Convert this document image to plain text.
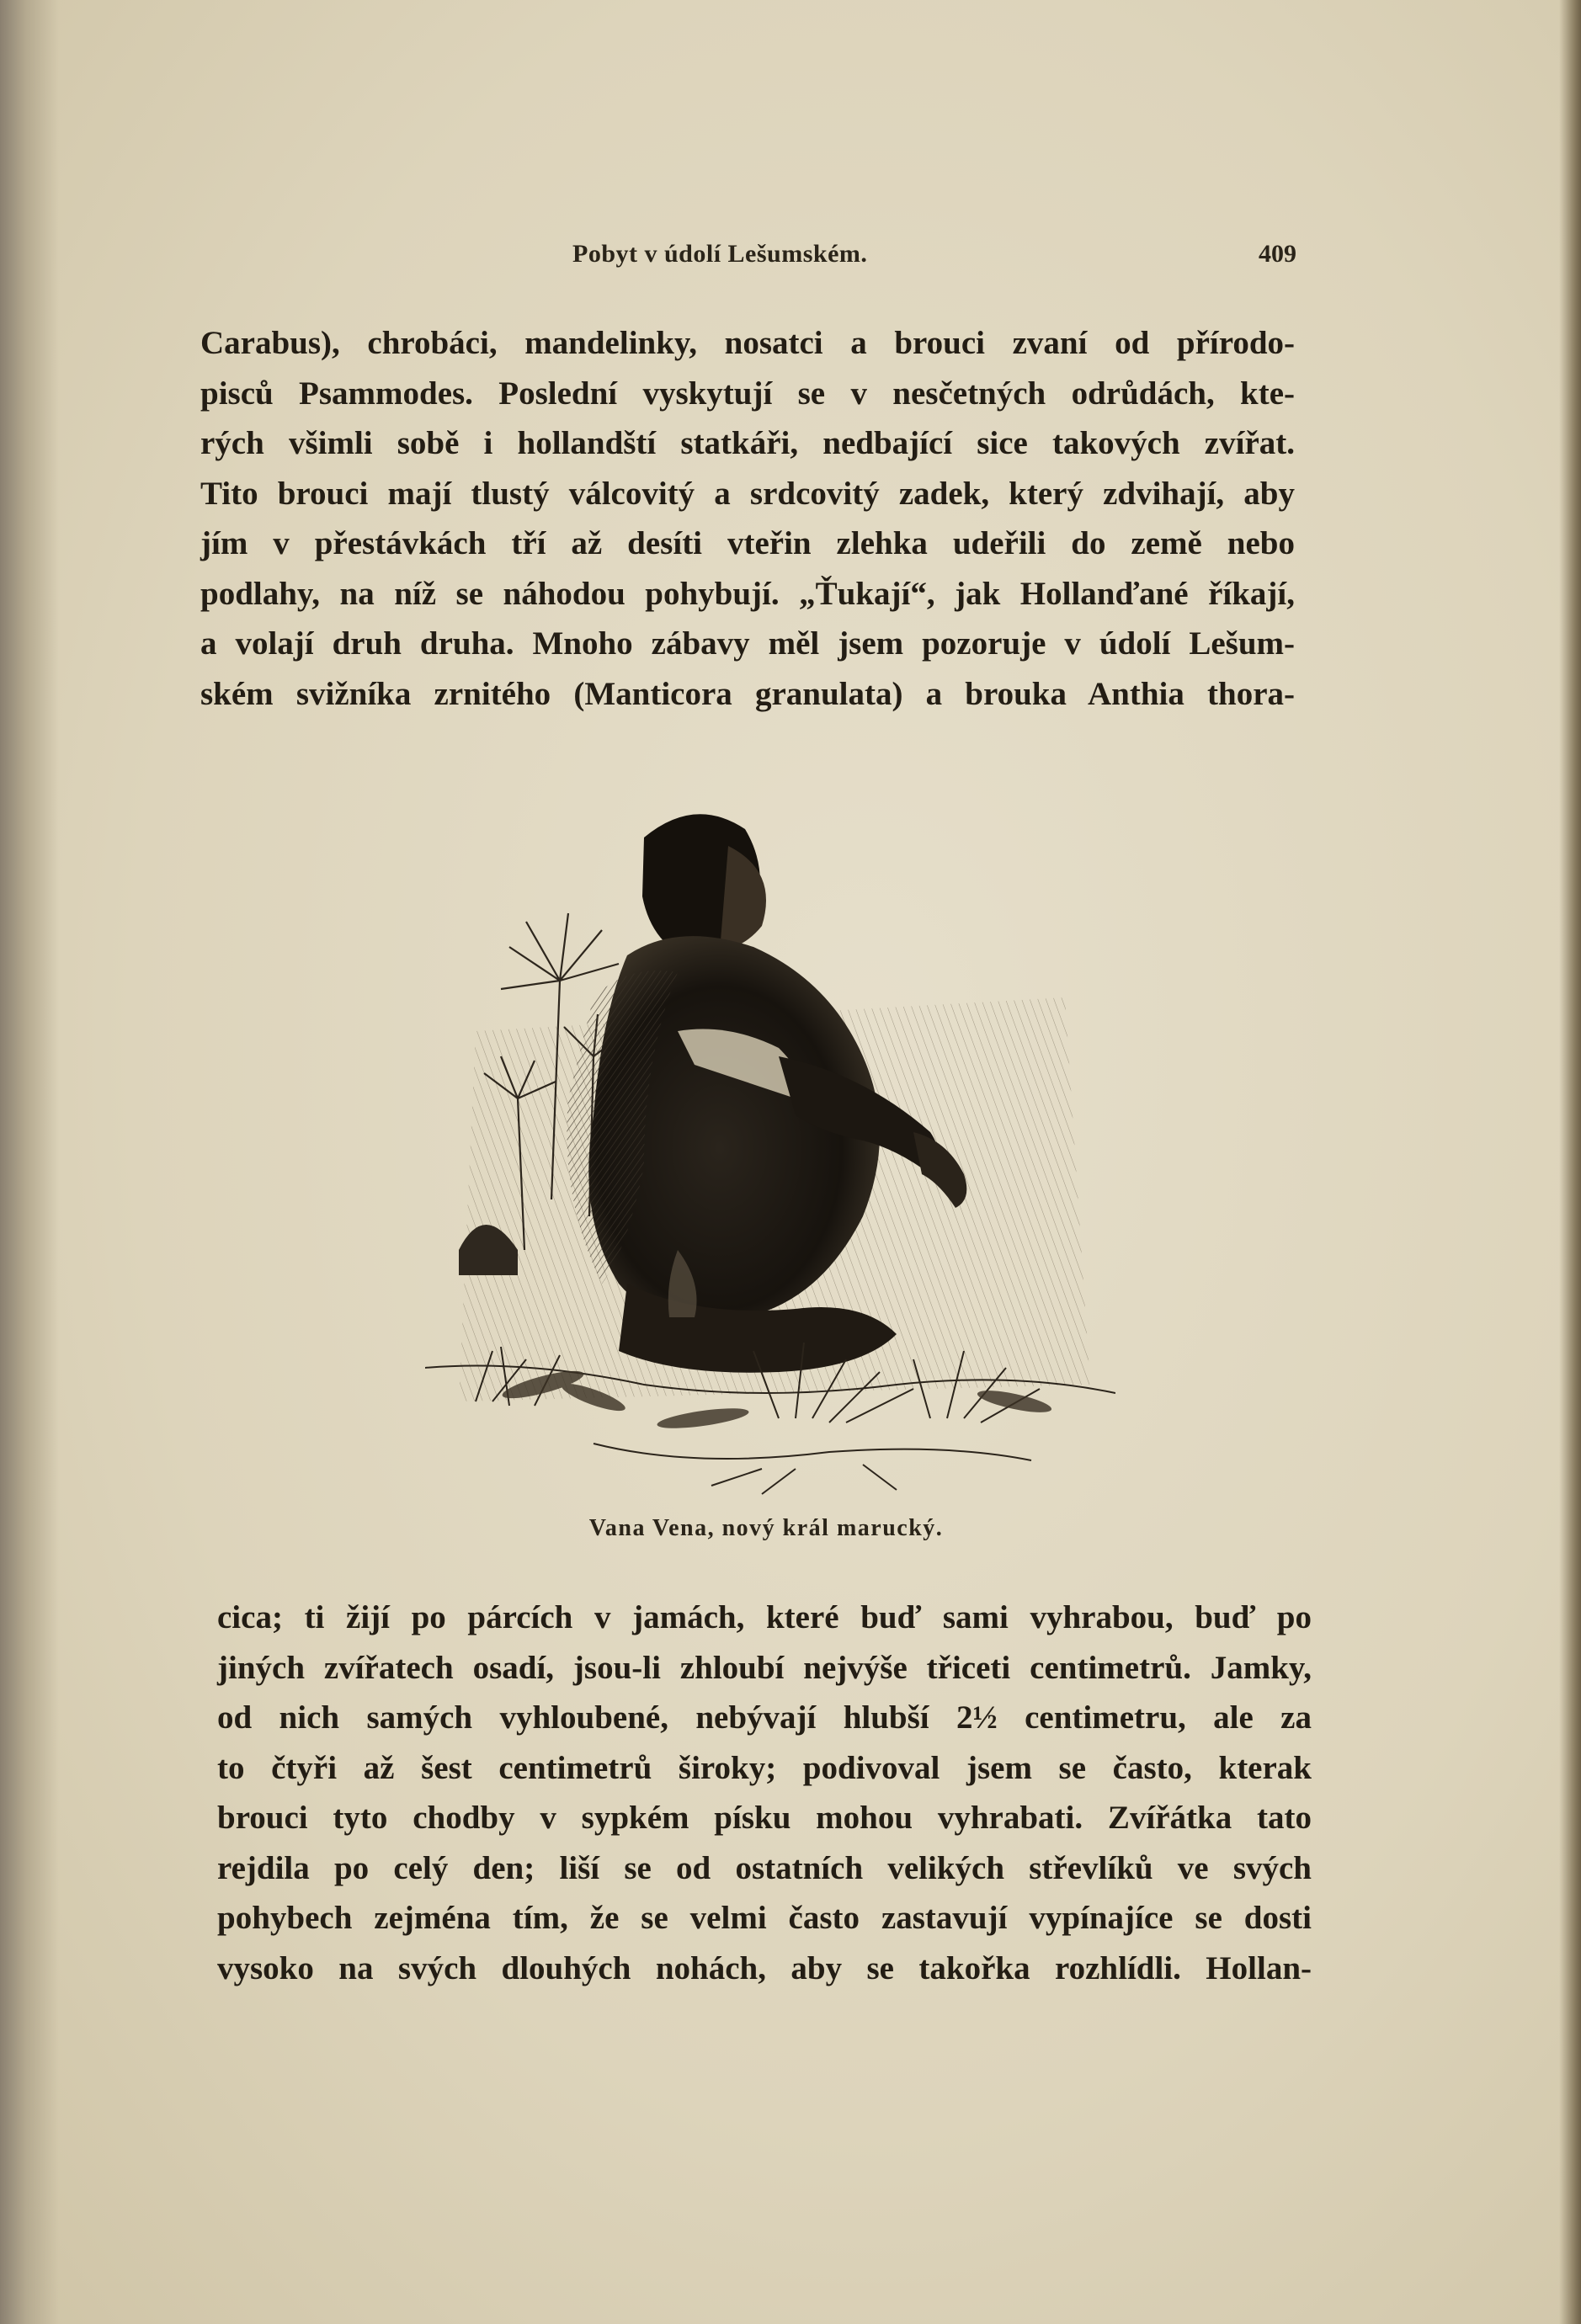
Pobyt v údolí Lešumském.	409
Carabus), chrobáci, mandelinky, nosatci a brouci zvaní od přírodo-
pisců Psammodes. Poslední vyskytují se v nesčetných odrůdách, kte-
rých všimli sobě i hollandští statkáři, nedbající sice takových zvířat.
Tito brouci mají tlustý válcovitý a srdcovitý zadek, který zdvihají, aby
jím v přestávkách tří až desíti vteřin zlehka udeřili do země nebo
podlahy, na níž se náhodou pohybují. „Ťukají“, jak Hollanďané říkají,
a volají druh druha. Mnoho zábavy měl jsem pozoruje v údolí Lešum-
ském svižníka zrnitého (Manticora granulata) a brouka Anthia thora-
Vana Vena, nový král marucký.
cica; ti žijí po párcích v jamách, které buď sami vyhrabou, buď po
jiných zvířatech osadí, jsou-li zhloubí nejvýše třiceti centimetrů. Jamky,
od nich samých vyhloubené, nebývají hlubší 2½ centimetru, ale za
to čtyři až šest centimetrů široky; podivoval jsem se často, kterak
brouci tyto chodby v sypkém písku mohou vyhrabati. Zvířátka tato
rejdila po celý den; liší se od ostatních velikých střevlíků ve svých
pohybech zejména tím, že se velmi často zastavují vypínajíce se dosti
vysoko na svých dlouhých nohách, aby se takořka rozhlídli. Hollan-
